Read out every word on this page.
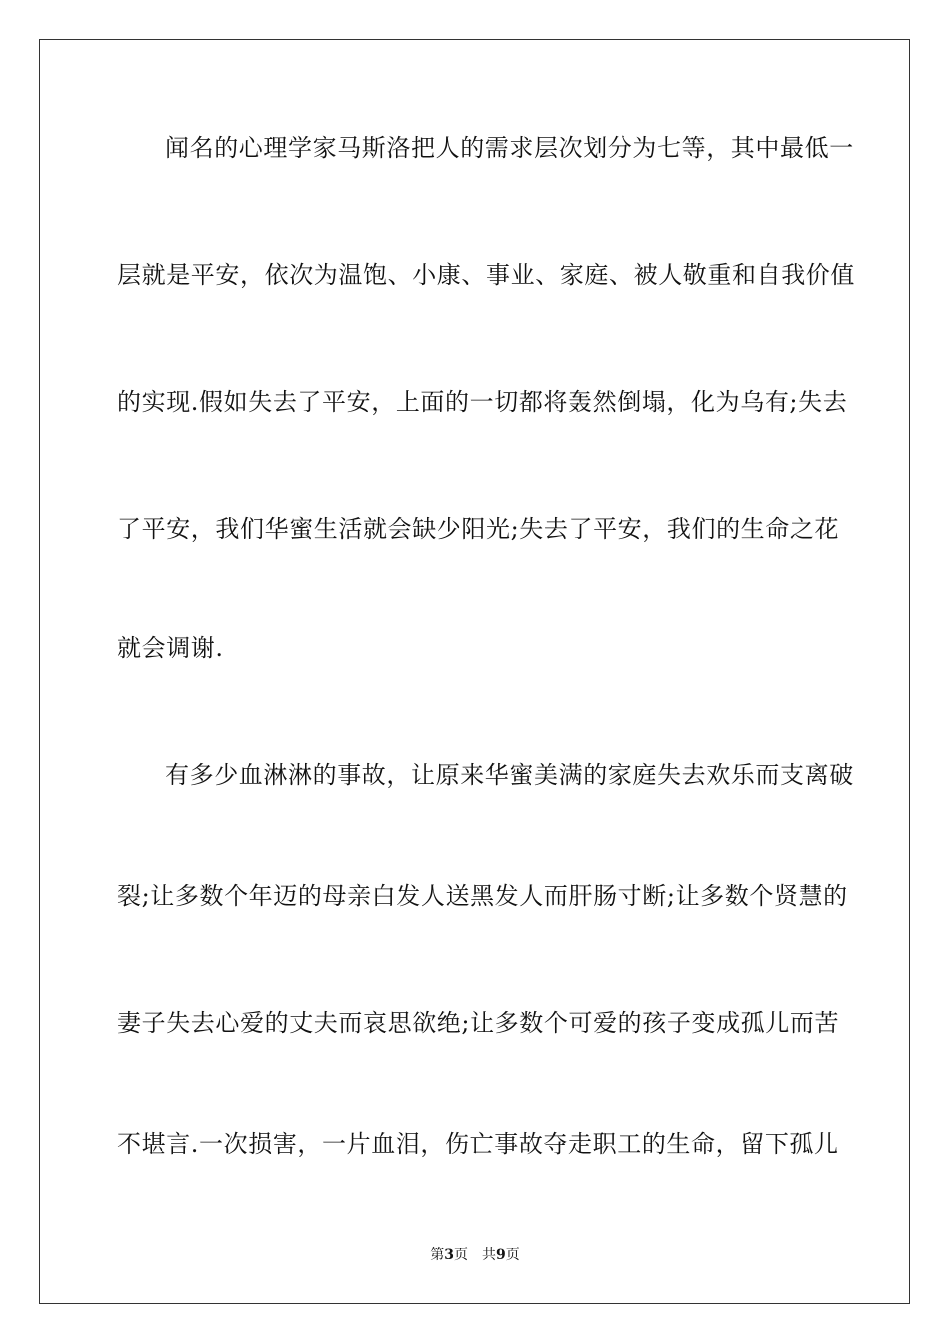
闻名的心理学家马斯洛把人的需求层次划分为七等，其中最低一
层就是平安，依次为温饱、小康、事业、家庭、被人敬重和自我价值
的实现.假如失去了平安，上面的一切都将轰然倒塌，化为乌有;失去
了平安，我们华蜜生活就会缺少阳光;失去了平安，我们的生命之花
就会调谢.
有多少血淋淋的事故，让原来华蜜美满的家庭失去欢乐而支离破
裂;让多数个年迈的母亲白发人送黑发人而肝肠寸断;让多数个贤慧的
妻子失去心爱的丈夫而哀思欲绝;让多数个可爱的孩子变成孤儿而苦
不堪言.一次损害，一片血泪，伤亡事故夺走职工的生命，留下孤儿
第3页 共9页
